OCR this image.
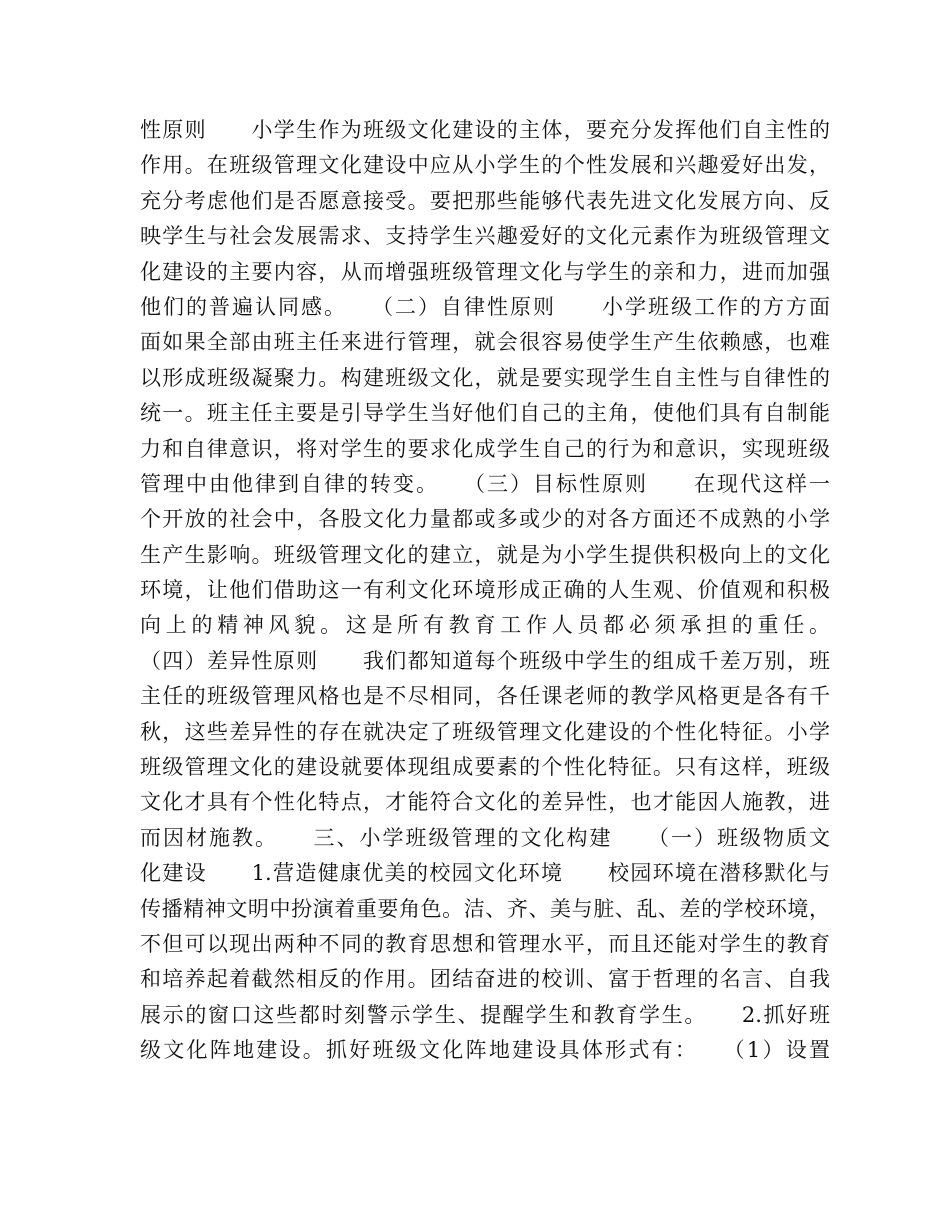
性原则　　小学生作为班级文化建设的主体，要充分发挥他们自主性的
作用。在班级管理文化建设中应从小学生的个性发展和兴趣爱好出发，
充分考虑他们是否愿意接受。要把那些能够代表先进文化发展方向、反
映学生与社会发展需求、支持学生兴趣爱好的文化元素作为班级管理文
化建设的主要内容，从而增强班级管理文化与学生的亲和力，进而加强
他们的普遍认同感。　　（二）自律性原则　　小学班级工作的方方面
面如果全部由班主任来进行管理，就会很容易使学生产生依赖感，也难
以形成班级凝聚力。构建班级文化，就是要实现学生自主性与自律性的
统一。班主任主要是引导学生当好他们自己的主角，使他们具有自制能
力和自律意识，将对学生的要求化成学生自己的行为和意识，实现班级
管理中由他律到自律的转变。　　（三）目标性原则　　在现代这样一
个开放的社会中，各股文化力量都或多或少的对各方面还不成熟的小学
生产生影响。班级管理文化的建立，就是为小学生提供积极向上的文化
环境，让他们借助这一有利文化环境形成正确的人生观、价值观和积极
向上的精神风貌。这是所有教育工作人员都必须承担的重任。
（四）差异性原则　　我们都知道每个班级中学生的组成千差万别，班
主任的班级管理风格也是不尽相同，各任课老师的教学风格更是各有千
秋，这些差异性的存在就决定了班级管理文化建设的个性化特征。小学
班级管理文化的建设就要体现组成要素的个性化特征。只有这样，班级
文化才具有个性化特点，才能符合文化的差异性，也才能因人施教，进
而因材施教。　　三、小学班级管理的文化构建　　（一）班级物质文
化建设　　1.营造健康优美的校园文化环境　　校园环境在潜移默化与
传播精神文明中扮演着重要角色。洁、齐、美与脏、乱、差的学校环境，
不但可以现出两种不同的教育思想和管理水平，而且还能对学生的教育
和培养起着截然相反的作用。团结奋进的校训、富于哲理的名言、自我
展示的窗口这些都时刻警示学生、提醒学生和教育学生。　　2.抓好班
级文化阵地建设。抓好班级文化阵地建设具体形式有：　　（1）设置
